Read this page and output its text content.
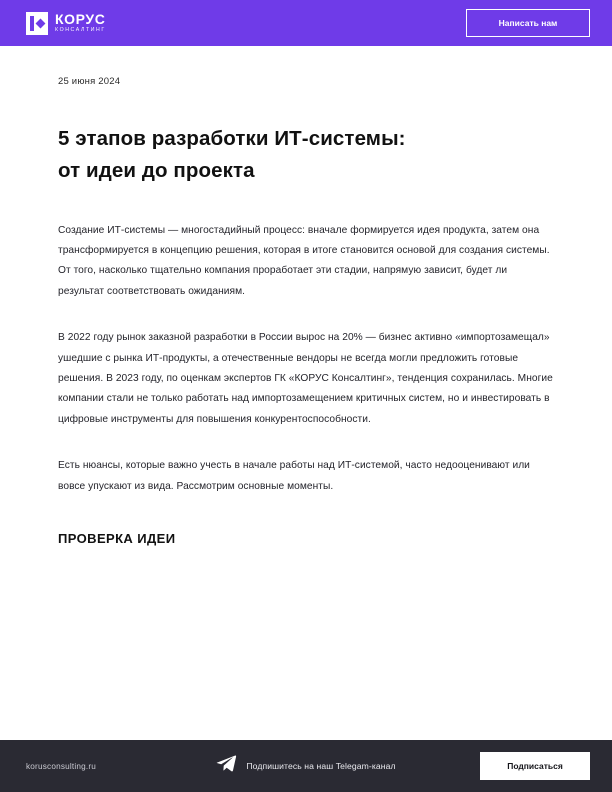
КОРУС
КОНСАЛТИНГ
Написать нам
25 июня 2024
5 этапов разработки ИТ-системы:
от идеи до проекта

Создание ИТ-системы — многостадийный процесс: вначале формируется идея продукта, затем она трансформируется в концепцию решения, которая в итоге становится основой для создания системы. От того, насколько тщательно компания проработает эти стадии, напрямую зависит, будет ли результат соответствовать ожиданиям.

В 2022 году рынок заказной разработки в России вырос на 20% — бизнес активно «импортозамещал» ушедшие с рынка ИТ-продукты, а отечественные вендоры не всегда могли предложить готовые решения. В 2023 году, по оценкам экспертов ГК «КОРУС Консалтинг», тенденция сохранилась. Многие компании стали не только работать над импортозамещением критичных систем, но и инвестировать в цифровые инструменты для повышения конкурентоспособности.

Есть нюансы, которые важно учесть в начале работы над ИТ-системой, часто недооценивают или вовсе упускают из вида. Рассмотрим основные моменты.

ПРОВЕРКА ИДЕИ
korusconsulting.ru	Подпишитесь на наш Telegam-канал	Подписаться
